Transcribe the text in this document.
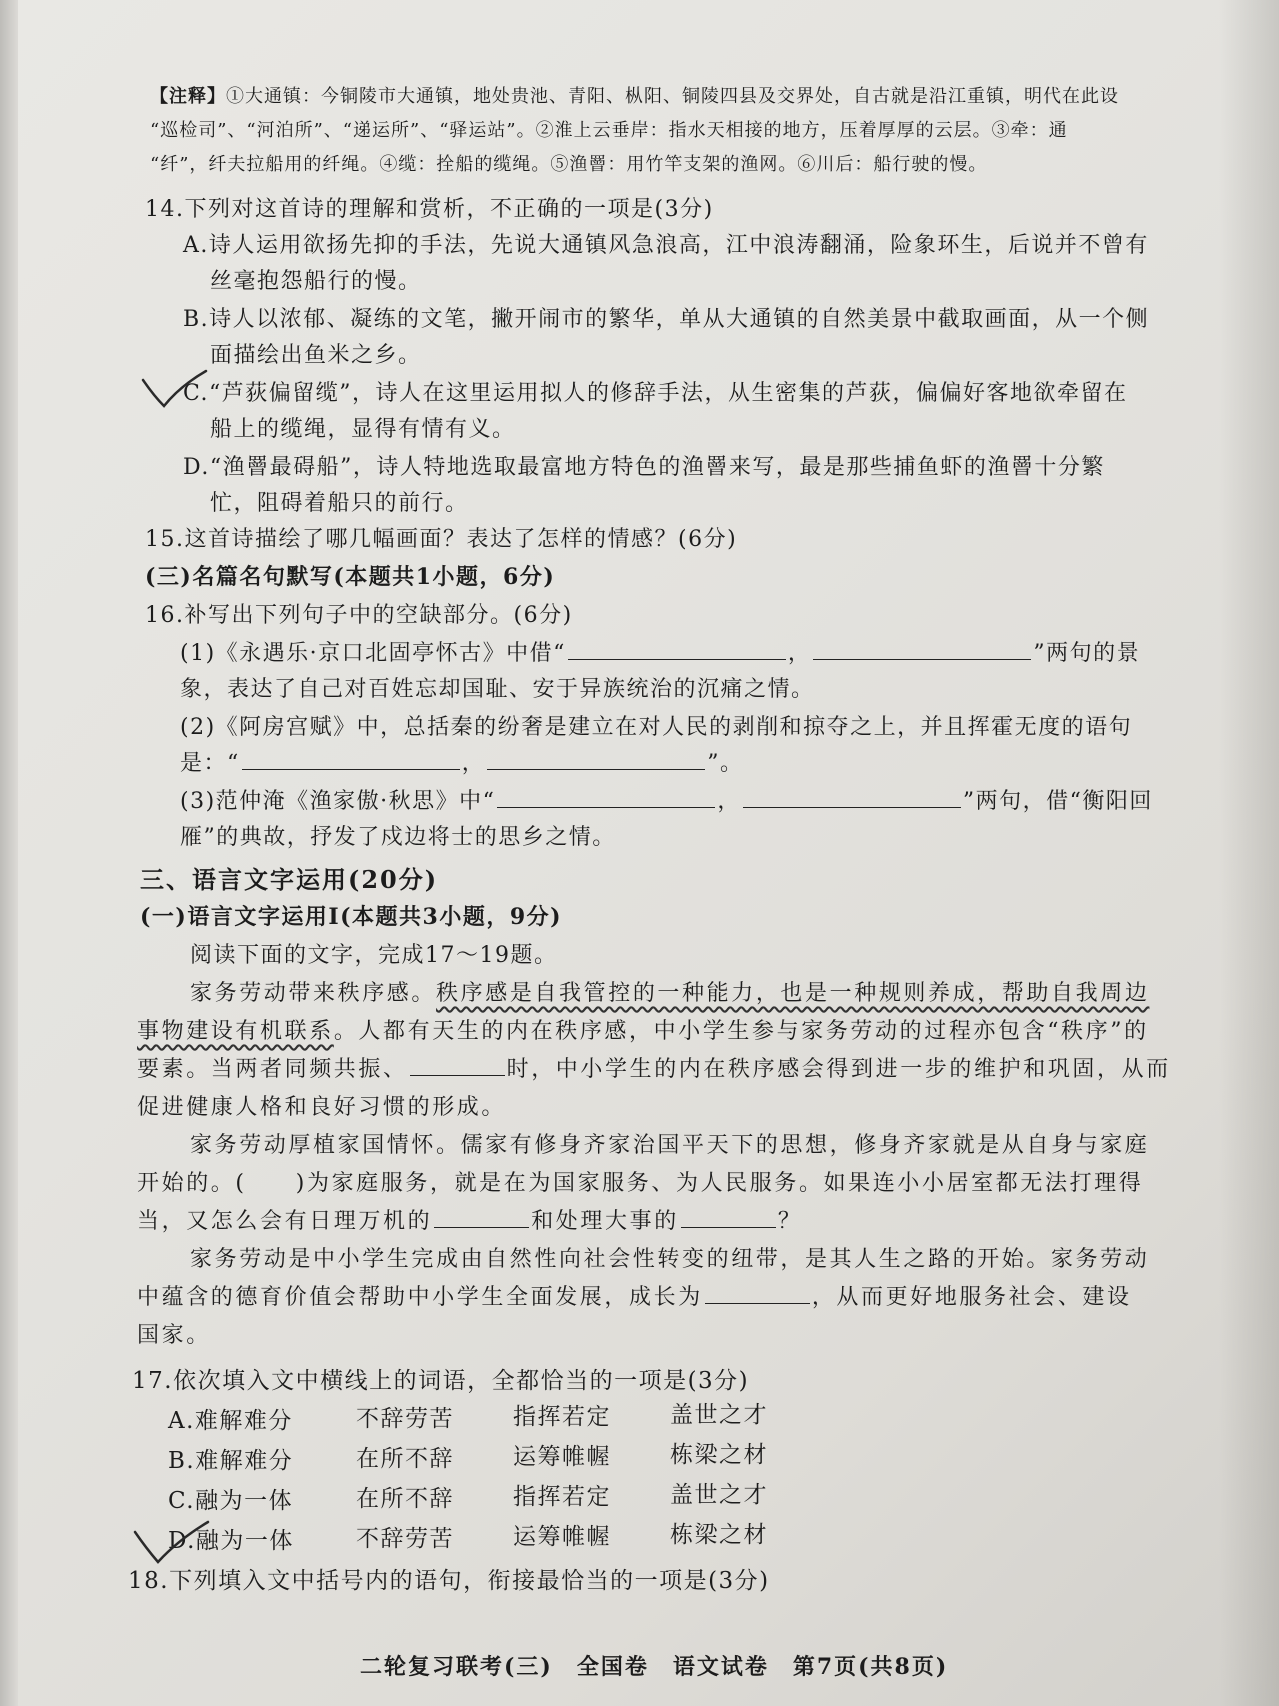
【注释】①大通镇：今铜陵市大通镇，地处贵池、青阳、枞阳、铜陵四县及交界处，自古就是沿江重镇，明代在此设
“巡检司”、“河泊所”、“递运所”、“驿运站”。②淮上云垂岸：指水天相接的地方，压着厚厚的云层。③牵：通
“纤”，纤夫拉船用的纤绳。④缆：拴船的缆绳。⑤渔罾：用竹竿支架的渔网。⑥川后：船行驶的慢。
14.下列对这首诗的理解和赏析，不正确的一项是(3分)
A.诗人运用欲扬先抑的手法，先说大通镇风急浪高，江中浪涛翻涌，险象环生，后说并不曾有
丝毫抱怨船行的慢。
B.诗人以浓郁、凝练的文笔，撇开闹市的繁华，单从大通镇的自然美景中截取画面，从一个侧
面描绘出鱼米之乡。
C.“芦荻偏留缆”，诗人在这里运用拟人的修辞手法，从生密集的芦荻，偏偏好客地欲牵留在
船上的缆绳，显得有情有义。
D.“渔罾最碍船”，诗人特地选取最富地方特色的渔罾来写，最是那些捕鱼虾的渔罾十分繁
忙，阻碍着船只的前行。
15.这首诗描绘了哪几幅画面？表达了怎样的情感？(6分)
(三)名篇名句默写(本题共1小题，6分)
16.补写出下列句子中的空缺部分。(6分)
(1)《永遇乐·京口北固亭怀古》中借“	，	”两句的景
象，表达了自己对百姓忘却国耻、安于异族统治的沉痛之情。
(2)《阿房宫赋》中，总括秦的纷奢是建立在对人民的剥削和掠夺之上，并且挥霍无度的语句
是：“	，	”。
(3)范仲淹《渔家傲·秋思》中“	，	”两句，借“衡阳回
雁”的典故，抒发了戍边将士的思乡之情。
三、语言文字运用(20分)
(一)语言文字运用Ⅰ(本题共3小题，9分)
阅读下面的文字，完成17～19题。
家务劳动带来秩序感。秩序感是自我管控的一种能力，也是一种规则养成，帮助自我周边
事物建设有机联系。人都有天生的内在秩序感，中小学生参与家务劳动的过程亦包含“秩序”的
要素。当两者同频共振、	时，中小学生的内在秩序感会得到进一步的维护和巩固，从而
促进健康人格和良好习惯的形成。
家务劳动厚植家国情怀。儒家有修身齐家治国平天下的思想，修身齐家就是从自身与家庭
开始的。(　　)为家庭服务，就是在为国家服务、为人民服务。如果连小小居室都无法打理得
当，又怎么会有日理万机的	和处理大事的	？
家务劳动是中小学生完成由自然性向社会性转变的纽带，是其人生之路的开始。家务劳动
中蕴含的德育价值会帮助中小学生全面发展，成长为	，从而更好地服务社会、建设
国家。
17.依次填入文中横线上的词语，全都恰当的一项是(3分)
A.难解难分	不辞劳苦	指挥若定	盖世之才
B.难解难分	在所不辞	运筹帷幄	栋梁之材
C.融为一体	在所不辞	指挥若定	盖世之才
D.融为一体	不辞劳苦	运筹帷幄	栋梁之材
18.下列填入文中括号内的语句，衔接最恰当的一项是(3分)
二轮复习联考(三)　全国卷　语文试卷　第7页(共8页)
